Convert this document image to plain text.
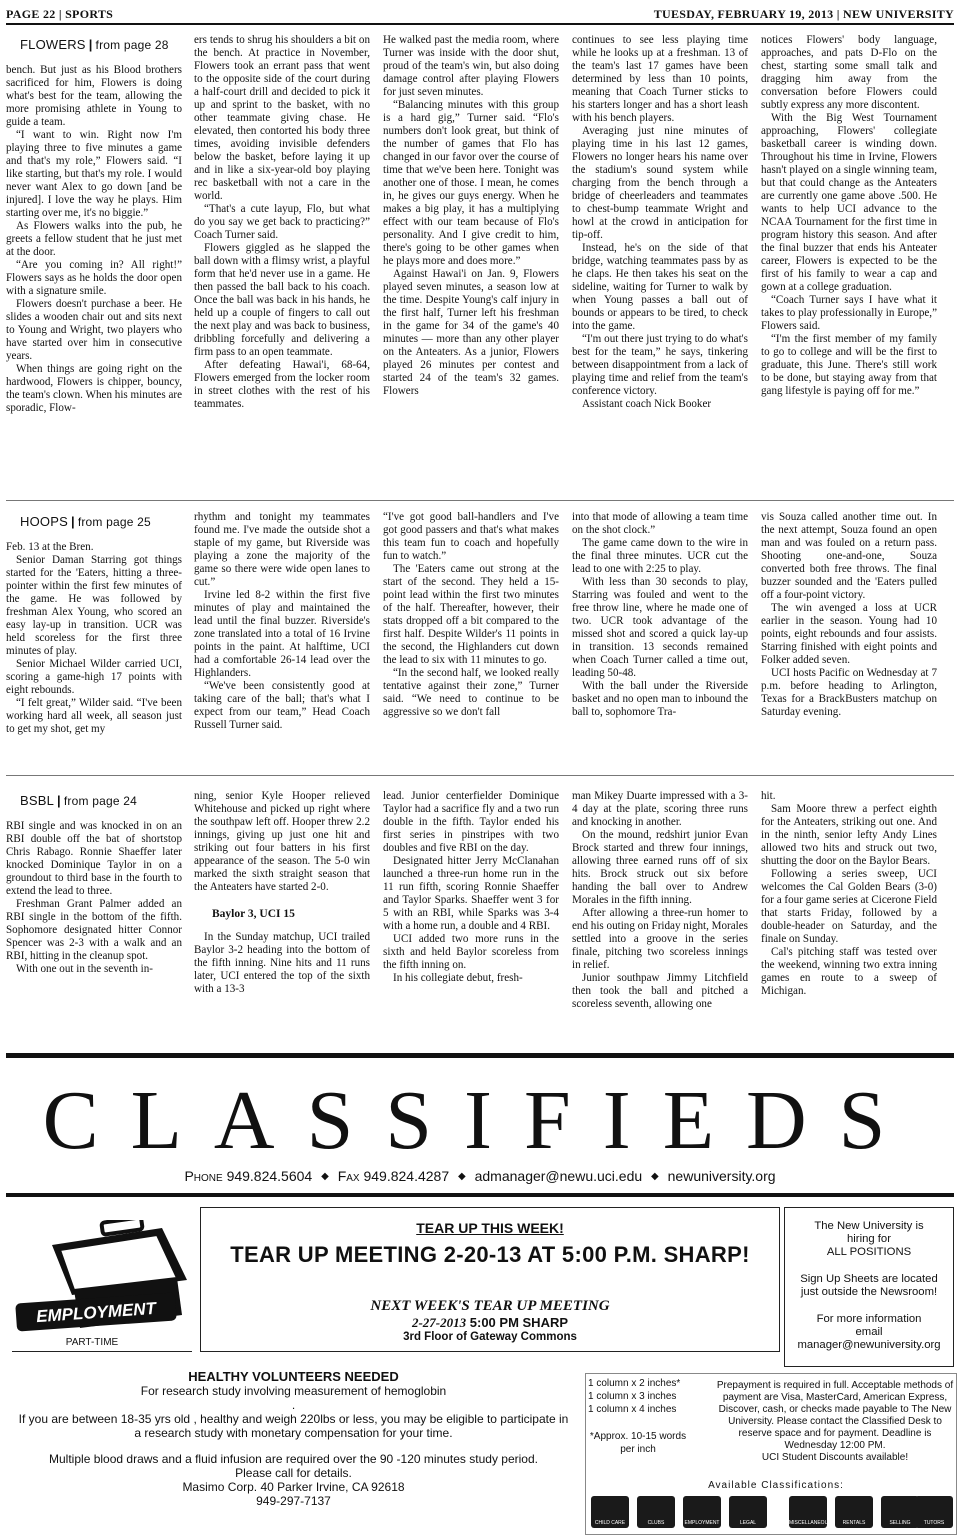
PAGE 22 | SPORTS	TUESDAY, FEBRUARY 19, 2013 | NEW UNIVERSITY
FLOWERS | from page 28

bench. But just as his Blood brothers sacrificed for him, Flowers is doing what's best for the team, allowing the more promising athlete in Young to guide a team.

“I want to win. Right now I'm playing three to five minutes a game and that's my role,” Flowers said. “I like starting, but that's my role. I would never want Alex to go down [and be injured]. I love the way he plays. Him starting over me, it's no biggie.”

As Flowers walks into the pub, he greets a fellow student that he just met at the door.

“Are you coming in? All right!” Flowers says as he holds the door open with a signature smile.

Flowers doesn't purchase a beer. He slides a wooden chair out and sits next to Young and Wright, two players who have started over him in consecutive years.

When things are going right on the hardwood, Flowers is chipper, bouncy, the team's clown. When his minutes are sporadic, Flow-

ers tends to shrug his shoulders a bit on the bench. At practice in November, Flowers took an errant pass that went to the opposite side of the court during a half-court drill and decided to pick it up and sprint to the basket, with no other teammate giving chase. He elevated, then contorted his body three times, avoiding invisible defenders below the basket, before laying it up and in like a six-year-old boy playing rec basketball with not a care in the world.

“That's a cute layup, Flo, but what do you say we get back to practicing?” Coach Turner said.

Flowers giggled as he slapped the ball down with a flimsy wrist, a playful form that he'd never use in a game. He then passed the ball back to his coach. Once the ball was back in his hands, he held up a couple of fingers to call out the next play and was back to business, dribbling forcefully and delivering a firm pass to an open teammate.

After defeating Hawai'i, 68-64, Flowers emerged from the locker room in street clothes with the rest of his teammates.

He walked past the media room, where Turner was inside with the door shut, proud of the team's win, but also doing damage control after playing Flowers for just seven minutes.

“Balancing minutes with this group is a hard gig,” Turner said. “Flo's numbers don't look great, but think of the number of games that Flo has changed in our favor over the course of time that we've been here. Tonight was another one of those. I mean, he comes in, he gives our guys energy. When he makes a big play, it has a multiplying effect with our team because of Flo's personality. And I give credit to him, there's going to be other games when he plays more and does more.”

Against Hawai'i on Jan. 9, Flowers played seven minutes, a season low at the time. Despite Young's calf injury in the first half, Turner left his freshman in the game for 34 of the game's 40 minutes — more than any other player on the Anteaters. As a junior, Flowers played 26 minutes per contest and started 24 of the team's 32 games. Flowers

continues to see less playing time while he looks up at a freshman. 13 of the team's last 17 games have been determined by less than 10 points, meaning that Coach Turner sticks to his starters longer and has a short leash with his bench players.

Averaging just nine minutes of playing time in his last 12 games, Flowers no longer hears his name over the stadium's sound system while charging from the bench through a bridge of cheerleaders and teammates to chest-bump teammate Wright and howl at the crowd in anticipation for tip-off.

Instead, he's on the side of that bridge, watching teammates pass by as he claps. He then takes his seat on the sideline, waiting for Turner to walk by when Young passes a ball out of bounds or appears to be tired, to check into the game.

“I'm out there just trying to do what's best for the team,” he says, tinkering between disappointment from a lack of playing time and relief from the team's conference victory.

Assistant coach Nick Booker

notices Flowers' body language, approaches, and pats D-Flo on the chest, starting some small talk and dragging him away from the conversation before Flowers could subtly express any more discontent.

With the Big West Tournament approaching, Flowers' collegiate basketball career is winding down. Throughout his time in Irvine, Flowers hasn't played on a single winning team, but that could change as the Anteaters are currently one game above .500. He wants to help UCI advance to the NCAA Tournament for the first time in program history this season. And after the final buzzer that ends his Anteater career, Flowers is expected to be the first of his family to wear a cap and gown at a college graduation.

“Coach Turner says I have what it takes to play professionally in Europe,” Flowers said.

“I'm the first member of my family to go to college and will be the first to graduate, this June. There's still work to be done, but staying away from that gang lifestyle is paying off for me.”

HOOPS | from page 25

Feb. 13 at the Bren.

Senior Daman Starring got things started for the 'Eaters, hitting a three-pointer within the first few minutes of the game. He was followed by freshman Alex Young, who scored an easy lay-up in transition. UCR was held scoreless for the first three minutes of play.

Senior Michael Wilder carried UCI, scoring a game-high 17 points with eight rebounds.

“I felt great,” Wilder said. “I've been working hard all week, all season just to get my shot, get my

rhythm and tonight my teammates found me. I've made the outside shot a staple of my game, but Riverside was playing a zone the majority of the game so there were wide open lanes to cut.”

Irvine led 8-2 within the first five minutes of play and maintained the lead until the final buzzer. Riverside's zone translated into a total of 16 Irvine points in the paint. At halftime, UCI had a comfortable 26-14 lead over the Highlanders.

“We've been consistently good at taking care of the ball; that's what I expect from our team,” Head Coach Russell Turner said.

“I've got good ball-handlers and I've got good passers and that's what makes this team fun to coach and hopefully fun to watch.”

The 'Eaters came out strong at the start of the second. They held a 15-point lead within the first two minutes of the half. Thereafter, however, their stats dropped off a bit compared to the first half. Despite Wilder's 11 points in the second, the Highlanders cut down the lead to six with 11 minutes to go.

“In the second half, we looked really tentative against their zone,” Turner said. “We need to continue to be aggressive so we don't fall

into that mode of allowing a team time on the shot clock.”

The game came down to the wire in the final three minutes. UCR cut the lead to one with 2:25 to play.

With less than 30 seconds to play, Starring was fouled and went to the free throw line, where he made one of two. UCR took advantage of the missed shot and scored a quick lay-up in transition. 13 seconds remained when Coach Turner called a time out, leading 50-48.

With the ball under the Riverside basket and no open man to inbound the ball to, sophomore Tra-

vis Souza called another time out. In the next attempt, Souza found an open man and was fouled on a return pass. Shooting one-and-one, Souza converted both free throws. The final buzzer sounded and the 'Eaters pulled off a four-point victory.

The win avenged a loss at UCR earlier in the season. Young had 10 points, eight rebounds and four assists. Starring finished with eight points and Folker added seven.

UCI hosts Pacific on Wednesday at 7 p.m. before heading to Arlington, Texas for a BrackBusters matchup on Saturday evening.

BSBL | from page 24

RBI single and was knocked in on an RBI double off the bat of shortstop Chris Rabago. Ronnie Shaeffer later knocked Dominique Taylor in on a groundout to third base in the fourth to extend the lead to three.

Freshman Grant Palmer added an RBI single in the bottom of the fifth. Sophomore designated hitter Connor Spencer was 2-3 with a walk and an RBI, hitting in the cleanup spot.

With one out in the seventh in-

ning, senior Kyle Hooper relieved Whitehouse and picked up right where the southpaw left off. Hooper threw 2.2 innings, giving up just one hit and striking out four batters in his first appearance of the season. The 5-0 win marked the sixth straight season that the Anteaters have started 2-0.

Baylor 3, UCI 15

In the Sunday matchup, UCI trailed Baylor 3-2 heading into the bottom of the fifth inning. Nine hits and 11 runs later, UCI entered the top of the sixth with a 13-3

lead. Junior centerfielder Dominique Taylor had a sacrifice fly and a two run double in the fifth. Taylor ended his first series in pinstripes with two doubles and five RBI on the day.

Designated hitter Jerry McClanahan launched a three-run home run in the 11 run fifth, scoring Ronnie Shaeffer and Taylor Sparks. Shaeffer went 3 for 5 with an RBI, while Sparks was 3-4 with a home run, a double and 4 RBI.

UCI added two more runs in the sixth and held Baylor scoreless from the fifth inning on.

In his collegiate debut, fresh-

man Mikey Duarte impressed with a 3-4 day at the plate, scoring three runs and knocking in another.

On the mound, redshirt junior Evan Brock started and threw four innings, allowing three earned runs off of six hits. Brock struck out six before handing the ball over to Andrew Morales in the fifth inning.

After allowing a three-run homer to end his outing on Friday night, Morales settled into a groove in the series finale, pitching two scoreless innings in relief.

Junior southpaw Jimmy Litchfield then took the ball and pitched a scoreless seventh, allowing one

hit.

Sam Moore threw a perfect eighth for the Anteaters, striking out one. And in the ninth, senior lefty Andy Lines allowed two hits and struck out two, shutting the door on the Baylor Bears.

Following a series sweep, UCI welcomes the Cal Golden Bears (3-0) for a four game series at Cicerone Field that starts Friday, followed by a double-header on Saturday, and the finale on Sunday.

Cal's pitching staff was tested over the weekend, winning two extra inning games en route to a sweep of Michigan.

CLASSIFIEDS
Phone 949.824.5604 ◆ Fax 949.824.4287 ◆ admanager@newu.uci.edu ◆ newuniversity.org
EMPLOYMENT
PART-TIME
TEAR UP THIS WEEK!
TEAR UP MEETING 2-20-13 AT 5:00 P.M. SHARP!
NEXT WEEK'S TEAR UP MEETING
2-27-2013 5:00 PM SHARP
3rd Floor of Gateway Commons
The New University is
hiring for
ALL POSITIONS
Sign Up Sheets are located just outside the Newsroom!
For more information email
manager@newuniversity.org
HEALTHY VOLUNTEERS NEEDED
For research study involving measurement of hemoglobin
.
If you are between 18-35 yrs old , healthy and weigh 220lbs or less, you may be eligible to participate in a research study with monetary compensation for your time.
Multiple blood draws and a fluid infusion are required over the 90 -120 minutes study period.
Please call for details.
Masimo Corp. 40 Parker Irvine, CA 92618
949-297-7137
1 column x 2 inches*
1 column x 3 inches
1 column x 4 inches
*Approx. 10-15 words per inch
Prepayment is required in full. Acceptable methods of payment are Visa, MasterCard, American Express, Discover, cash, or checks made payable to The New University. Please contact the Classified Desk to reserve space and for payment. Deadline is Wednesday 12:00 PM.
UCI Student Discounts available!
Available Classifications:
CHILD CARE	CLUBS	EMPLOYMENT	LEGAL	MISCELLANEOUS	RENTALS	SELLING	TUTORS
